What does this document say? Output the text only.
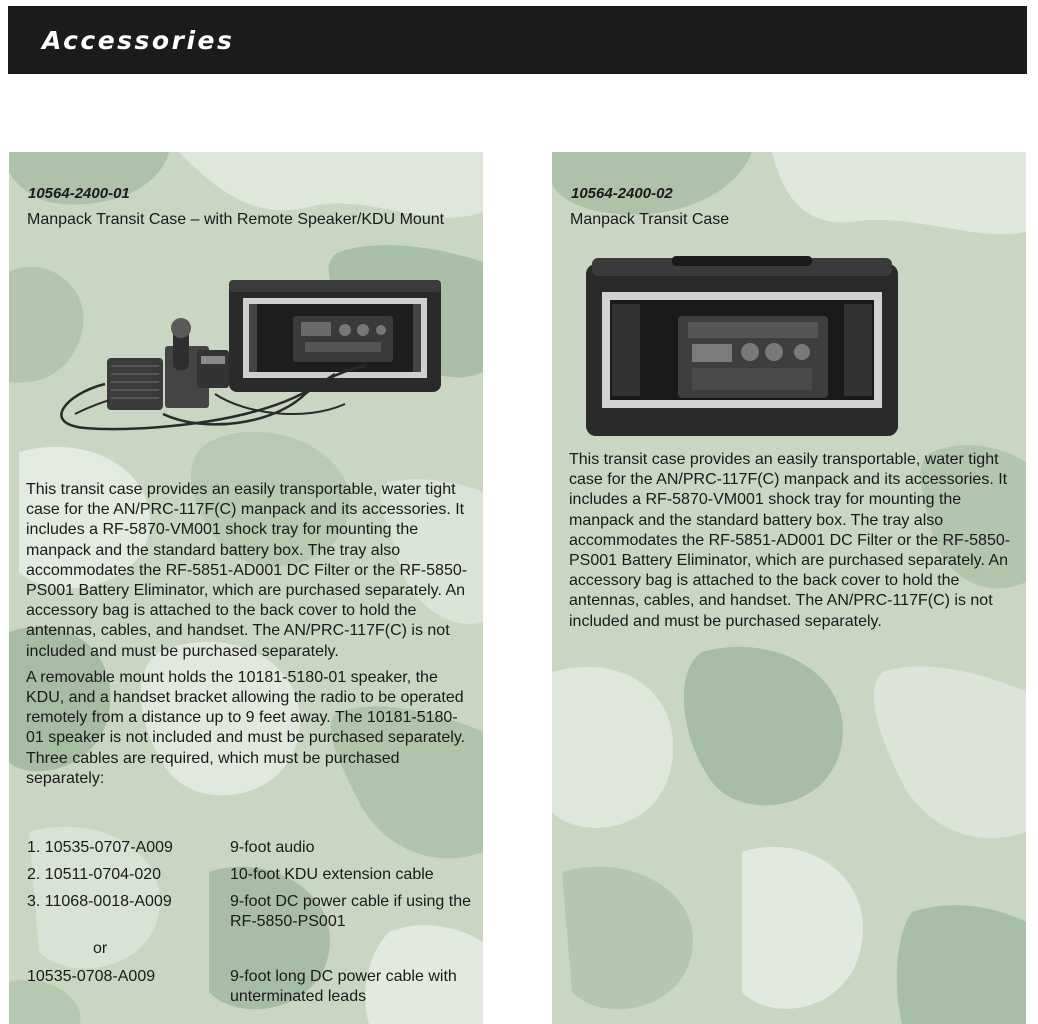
Accessories
10564-2400-01
Manpack Transit Case – with Remote Speaker/KDU Mount

This transit case provides an easily transportable, water tight case for the AN/PRC-117F(C) manpack and its accessories. It includes a RF-5870-VM001 shock tray for mounting the manpack and the standard battery box. The tray also accommodates the RF-5851-AD001 DC Filter or the RF-5850-PS001 Battery Eliminator, which are purchased separately. An accessory bag is attached to the back cover to hold the antennas, cables, and handset. The AN/PRC-117F(C) is not included and must be purchased separately.

A removable mount holds the 10181-5180-01 speaker, the KDU, and a handset bracket allowing the radio to be operated remotely from a distance up to 9 feet away. The 10181-5180-01 speaker is not included and must be purchased separately. Three cables are required, which must be purchased separately:

1. 10535-0707-A009	9-foot audio
2. 10511-0704-020	10-foot KDU extension cable
3. 11068-0018-A009	9-foot DC power cable if using the RF-5850-PS001
or
10535-0708-A009	9-foot long DC power cable with unterminated leads
10564-2400-02
Manpack Transit Case

This transit case provides an easily transportable, water tight case for the AN/PRC-117F(C) manpack and its accessories. It includes a RF-5870-VM001 shock tray for mounting the manpack and the standard battery box. The tray also accommodates the RF-5851-AD001 DC Filter or the RF-5850-PS001 Battery Eliminator, which are purchased separately. An accessory bag is attached to the back cover to hold the antennas, cables, and handset. The AN/PRC-117F(C) is not included and must be purchased separately.
